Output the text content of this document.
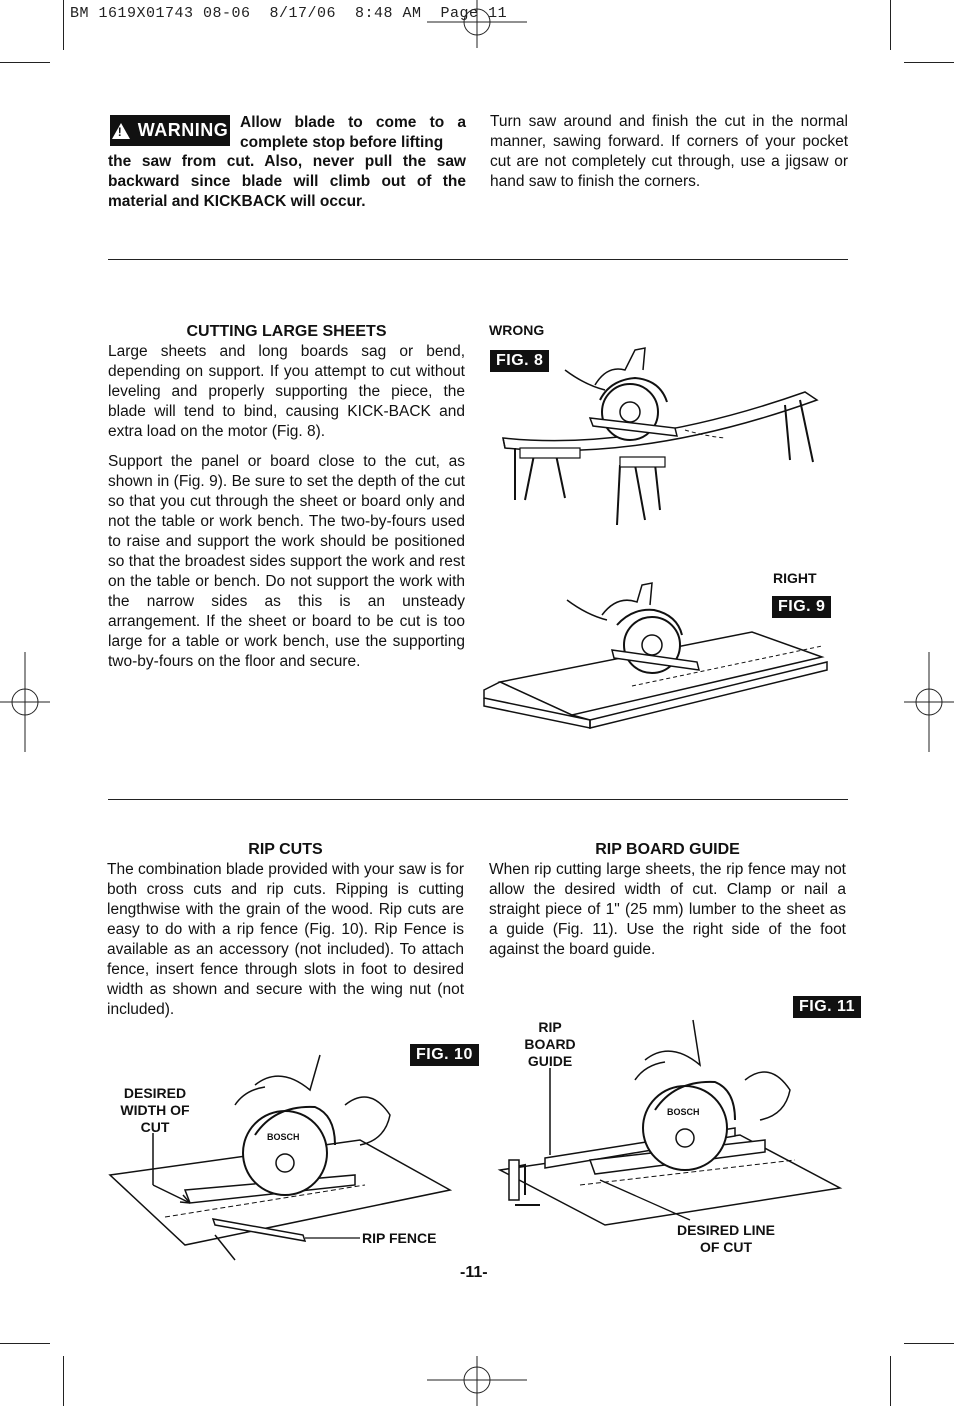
BM 1619X01743 08-06  8/17/06  8:48 AM  Page 11
! WARNING Allow blade to come to a complete stop before lifting
the saw from cut. Also, never pull the saw backward since blade will climb out of the material and KICKBACK will occur.
Turn saw around and finish the cut in the normal manner, sawing forward. If corners of your pocket cut are not completely cut through, use a jigsaw or hand saw to finish the corners.

CUTTING LARGE SHEETS

Large sheets and long boards sag or bend, depending on support. If you attempt to cut without leveling and properly supporting the piece, the blade will tend to bind, causing KICK-BACK and extra load on the motor (Fig. 8).

Support the panel or board close to the cut, as shown in (Fig. 9). Be sure to set the depth of the cut so that you cut through the sheet or board only and not the table or work bench. The two-by-fours used to raise and support the work should be positioned so that the broadest sides support the work and rest on the table or bench. Do not support the work with the narrow sides as this is an unsteady arrangement. If the sheet or board to be cut is too large for a table or work bench, use the supporting two-by-fours on the floor and secure.

WRONG
FIG. 8
RIGHT
FIG. 9

RIP CUTS

The combination blade provided with your saw is for both cross cuts and rip cuts. Ripping is cutting lengthwise with the grain of the wood. Rip cuts are easy to do with a rip fence (Fig. 10). Rip Fence is available as an accessory (not included). To attach fence, insert fence through slots in foot to desired width as shown and secure with the wing nut (not included).

RIP BOARD GUIDE

When rip cutting large sheets, the rip fence may not allow the desired width of cut. Clamp or nail a straight piece of 1" (25 mm) lumber to the sheet as a guide (Fig. 11). Use the right side of the foot against the board guide.
FIG. 10
DESIRED WIDTH OF CUT
RIP FENCE
BOSCH
FIG. 11
RIP BOARD GUIDE
DESIRED LINE OF CUT
BOSCH
-11-
